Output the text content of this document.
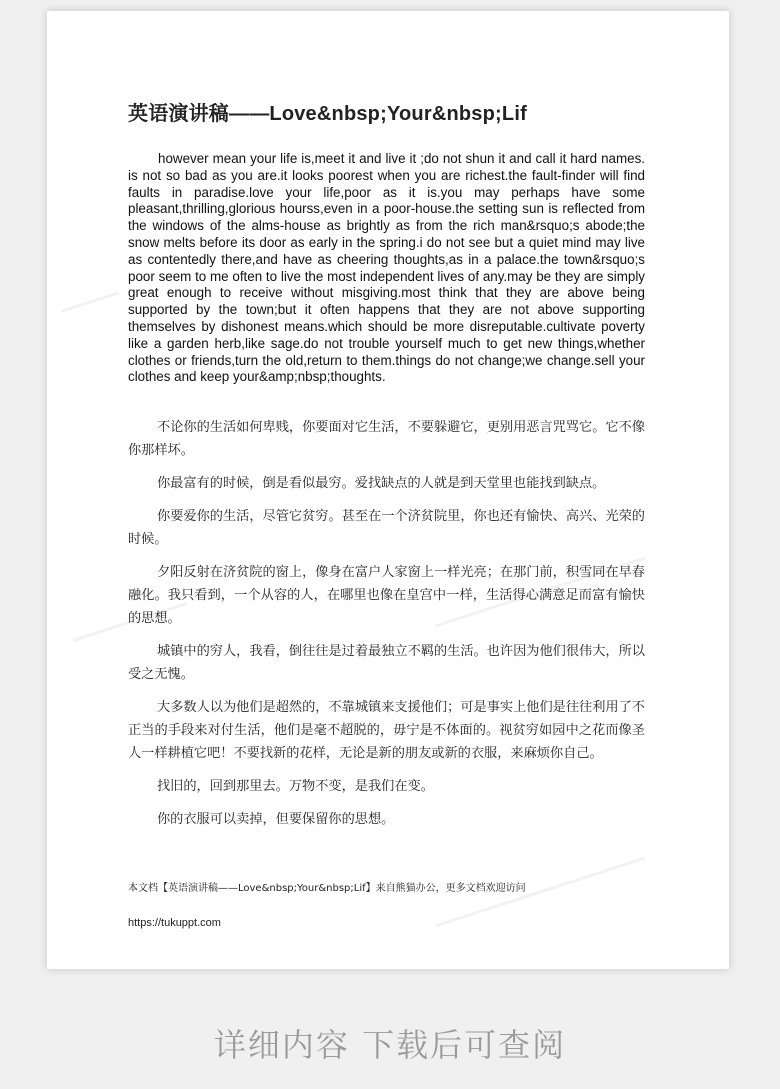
英语演讲稿——Love&nbsp;Your&nbsp;Lif

however mean your life is,meet it and live it ;do not shun it and call it hard names. is not so bad as you are.it looks poorest when you are richest.the fault-finder will find faults in paradise.love your life,poor as it is.you may perhaps have some pleasant,thrilling,glorious hourss,even in a poor-house.the setting sun is reflected from the windows of the alms-house as brightly as from the rich man&rsquo;s abode;the snow melts before its door as early in the spring.i do not see but a quiet mind may live as contentedly there,and have as cheering thoughts,as in a palace.the town&rsquo;s poor seem to me often to live the most independent lives of any.may be they are simply great enough to receive without misgiving.most think that they are above being supported by the town;but it often happens that they are not above supporting themselves by dishonest means.which should be more disreputable.cultivate poverty like a garden herb,like sage.do not trouble yourself much to get new things,whether clothes or friends,turn the old,return to them.things do not change;we change.sell your clothes and keep your&amp;nbsp;thoughts.

不论你的生活如何卑贱，你要面对它生活，不要躲避它，更别用恶言咒骂它。它不像你那样坏。

你最富有的时候，倒是看似最穷。爱找缺点的人就是到天堂里也能找到缺点。

你要爱你的生活，尽管它贫穷。甚至在一个济贫院里，你也还有愉快、高兴、光荣的时候。

夕阳反射在济贫院的窗上，像身在富户人家窗上一样光亮；在那门前，积雪同在早春融化。我只看到，一个从容的人，在哪里也像在皇宫中一样，生活得心满意足而富有愉快的思想。

城镇中的穷人，我看，倒往往是过着最独立不羁的生活。也许因为他们很伟大，所以受之无愧。

大多数人以为他们是超然的，不靠城镇来支援他们；可是事实上他们是往往利用了不正当的手段来对付生活，他们是毫不超脱的，毋宁是不体面的。视贫穷如园中之花而像圣人一样耕植它吧！不要找新的花样，无论是新的朋友或新的衣服，来麻烦你自己。

找旧的，回到那里去。万物不变，是我们在变。

你的衣服可以卖掉，但要保留你的思想。

本文档【英语演讲稿——Love&nbsp;Your&nbsp;Lif】来自熊猫办公，更多文档欢迎访问
https://tukuppt.com
详细内容 下载后可查阅
